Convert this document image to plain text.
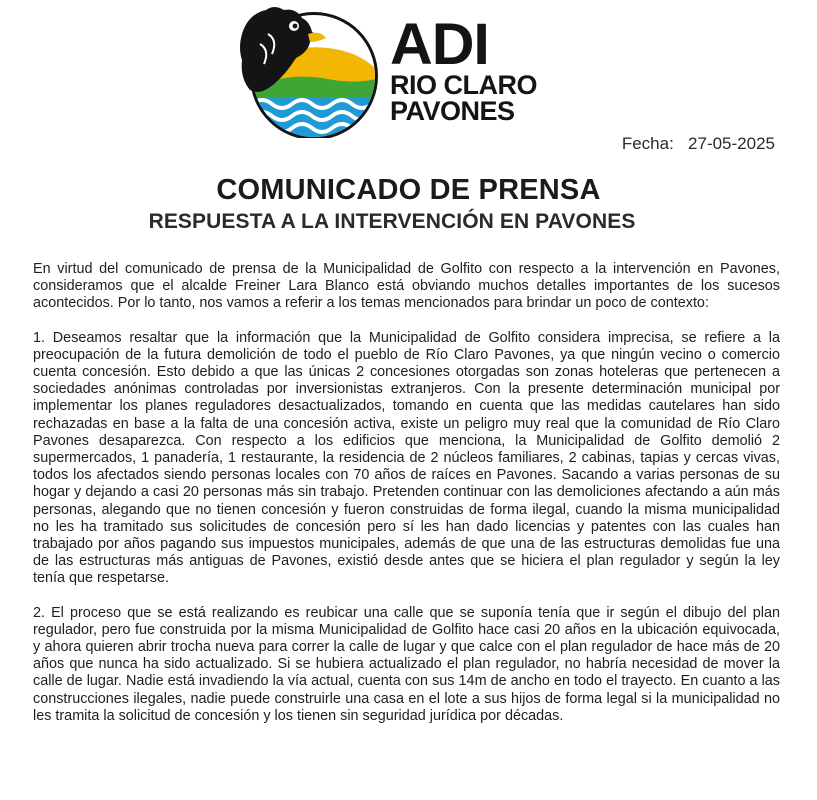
ADI
RIO CLARO
PAVONES
Fecha: 27-05-2025
COMUNICADO DE PRENSA
RESPUESTA A LA INTERVENCIÓN EN PAVONES

En virtud del comunicado de prensa de la Municipalidad de Golfito con respecto a la intervención en Pavones, consideramos que el alcalde Freiner Lara Blanco está obviando muchos detalles importantes de los sucesos acontecidos. Por lo tanto, nos vamos a referir a los temas mencionados para brindar un poco de contexto:

1. Deseamos resaltar que la información que la Municipalidad de Golfito considera imprecisa, se refiere a la preocupación de la futura demolición de todo el pueblo de Río Claro Pavones, ya que ningún vecino o comercio cuenta concesión. Esto debido a que las únicas 2 concesiones otorgadas son zonas hoteleras que pertenecen a sociedades anónimas controladas por inversionistas extranjeros. Con la presente determinación municipal por implementar los planes reguladores desactualizados, tomando en cuenta que las medidas cautelares han sido rechazadas en base a la falta de una concesión activa, existe un peligro muy real que la comunidad de Río Claro Pavones desaparezca. Con respecto a los edificios que menciona, la Municipalidad de Golfito demolió 2 supermercados, 1 panadería, 1 restaurante, la residencia de 2 núcleos familiares, 2 cabinas, tapias y cercas vivas, todos los afectados siendo personas locales con 70 años de raíces en Pavones. Sacando a varias personas de su hogar y dejando a casi 20 personas más sin trabajo. Pretenden continuar con las demoliciones afectando a aún más personas, alegando que no tienen concesión y fueron construidas de forma ilegal, cuando la misma municipalidad no les ha tramitado sus solicitudes de concesión pero sí les han dado licencias y patentes con las cuales han trabajado por años pagando sus impuestos municipales, además de que una de las estructuras demolidas fue una de las estructuras más antiguas de Pavones, existió desde antes que se hiciera el plan regulador y según la ley tenía que respetarse.

2. El proceso que se está realizando es reubicar una calle que se suponía tenía que ir según el dibujo del plan regulador, pero fue construida por la misma Municipalidad de Golfito hace casi 20 años en la ubicación equivocada, y ahora quieren abrir trocha nueva para correr la calle de lugar y que calce con el plan regulador de hace más de 20 años que nunca ha sido actualizado. Si se hubiera actualizado el plan regulador, no habría necesidad de mover la calle de lugar. Nadie está invadiendo la vía actual, cuenta con sus 14m de ancho en todo el trayecto. En cuanto a las construcciones ilegales, nadie puede construirle una casa en el lote a sus hijos de forma legal si la municipalidad no les tramita la solicitud de concesión y los tienen sin seguridad jurídica por décadas.
